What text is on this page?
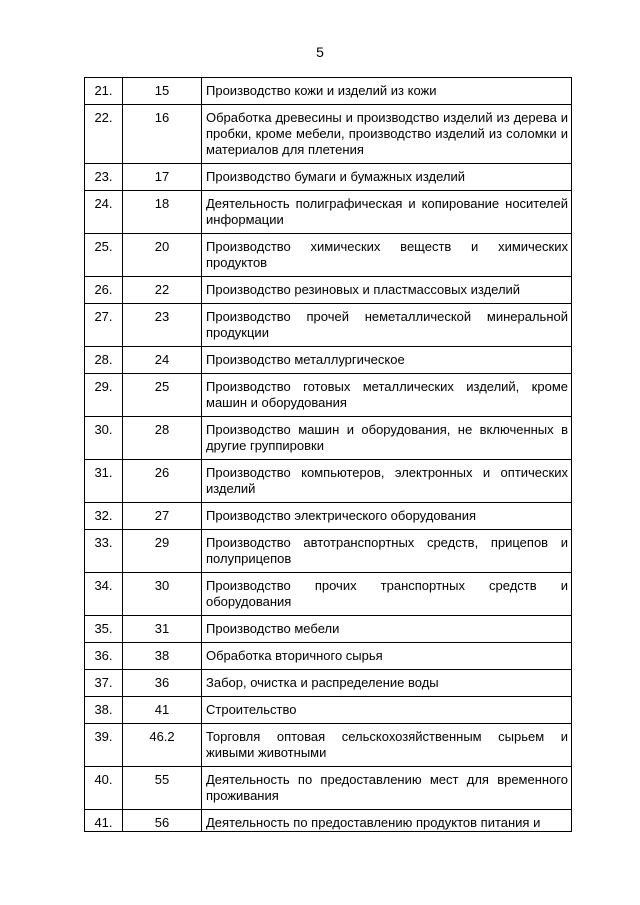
5
21.	15	Производство кожи и изделий из кожи
22.	16	Обработка древесины и производство изделий из дерева и пробки, кроме мебели, производство изделий из соломки и материалов для плетения
23.	17	Производство бумаги и бумажных изделий
24.	18	Деятельность полиграфическая и копирование носителей информации
25.	20	Производство химических веществ и химических продуктов
26.	22	Производство резиновых и пластмассовых изделий
27.	23	Производство прочей неметаллической минеральной продукции
28.	24	Производство металлургическое
29.	25	Производство готовых металлических изделий, кроме машин и оборудования
30.	28	Производство машин и оборудования, не включенных в другие группировки
31.	26	Производство компьютеров, электронных и оптических изделий
32.	27	Производство электрического оборудования
33.	29	Производство автотранспортных средств, прицепов и полуприцепов
34.	30	Производство прочих транспортных средств и оборудования
35.	31	Производство мебели
36.	38	Обработка вторичного сырья
37.	36	Забор, очистка и распределение воды
38.	41	Строительство
39.	46.2	Торговля оптовая сельскохозяйственным сырьем и живыми животными
40.	55	Деятельность по предоставлению мест для временного проживания
41.	56	Деятельность по предоставлению продуктов питания и
